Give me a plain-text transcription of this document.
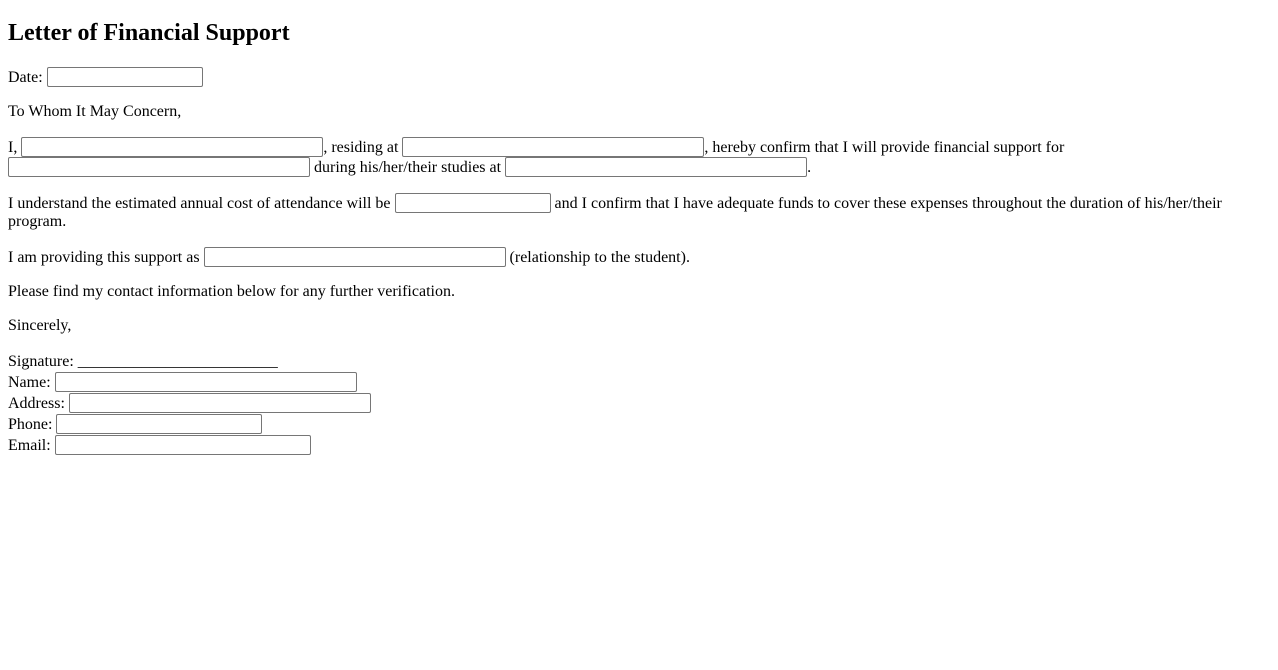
Letter of Financial Support

Date:

To Whom It May Concern,

I,	, residing at	, hereby confirm that I will provide financial support for  during his/her/their studies at	.

I understand the estimated annual cost of attendance will be	and I confirm that I have adequate funds to cover these expenses throughout the duration of his/her/their program.

I am providing this support as	(relationship to the student).

Please find my contact information below for any further verification.

Sincerely,

Signature: _________________________
Name:
Address:
Phone:
Email:
